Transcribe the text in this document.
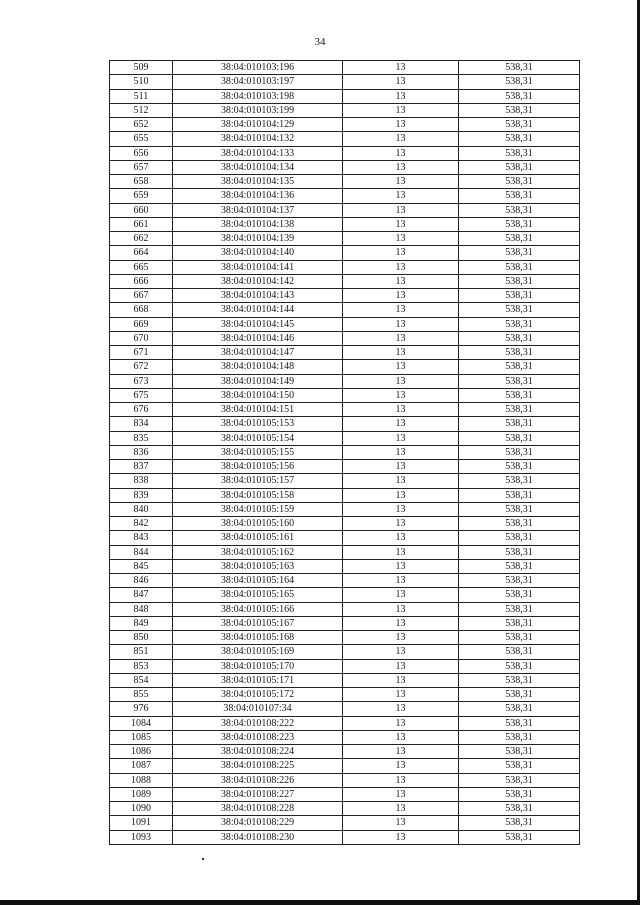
34
509	38:04:010103:196	13	538,31
510	38:04:010103:197	13	538,31
511	38:04:010103:198	13	538,31
512	38:04:010103:199	13	538,31
652	38:04:010104:129	13	538,31
655	38:04:010104:132	13	538,31
656	38:04:010104:133	13	538,31
657	38:04:010104:134	13	538,31
658	38:04:010104:135	13	538,31
659	38:04:010104:136	13	538,31
660	38:04:010104:137	13	538,31
661	38:04:010104:138	13	538,31
662	38:04:010104:139	13	538,31
664	38:04:010104:140	13	538,31
665	38:04:010104:141	13	538,31
666	38:04:010104:142	13	538,31
667	38:04:010104:143	13	538,31
668	38:04:010104:144	13	538,31
669	38:04:010104:145	13	538,31
670	38:04:010104:146	13	538,31
671	38:04:010104:147	13	538,31
672	38:04:010104:148	13	538,31
673	38:04:010104:149	13	538,31
675	38:04:010104:150	13	538,31
676	38:04:010104:151	13	538,31
834	38:04:010105:153	13	538,31
835	38:04:010105:154	13	538,31
836	38:04:010105:155	13	538,31
837	38:04:010105:156	13	538,31
838	38:04:010105:157	13	538,31
839	38:04:010105:158	13	538,31
840	38:04:010105:159	13	538,31
842	38:04:010105:160	13	538,31
843	38:04:010105:161	13	538,31
844	38:04:010105:162	13	538,31
845	38:04:010105:163	13	538,31
846	38:04:010105:164	13	538,31
847	38:04:010105:165	13	538,31
848	38:04:010105:166	13	538,31
849	38:04:010105:167	13	538,31
850	38:04:010105:168	13	538,31
851	38:04:010105:169	13	538,31
853	38:04:010105:170	13	538,31
854	38:04:010105:171	13	538,31
855	38:04:010105:172	13	538,31
976	38:04:010107:34	13	538,31
1084	38:04:010108:222	13	538,31
1085	38:04:010108:223	13	538,31
1086	38:04:010108:224	13	538,31
1087	38:04:010108:225	13	538,31
1088	38:04:010108:226	13	538,31
1089	38:04:010108:227	13	538,31
1090	38:04:010108:228	13	538,31
1091	38:04:010108:229	13	538,31
1093	38:04:010108:230	13	538,31
